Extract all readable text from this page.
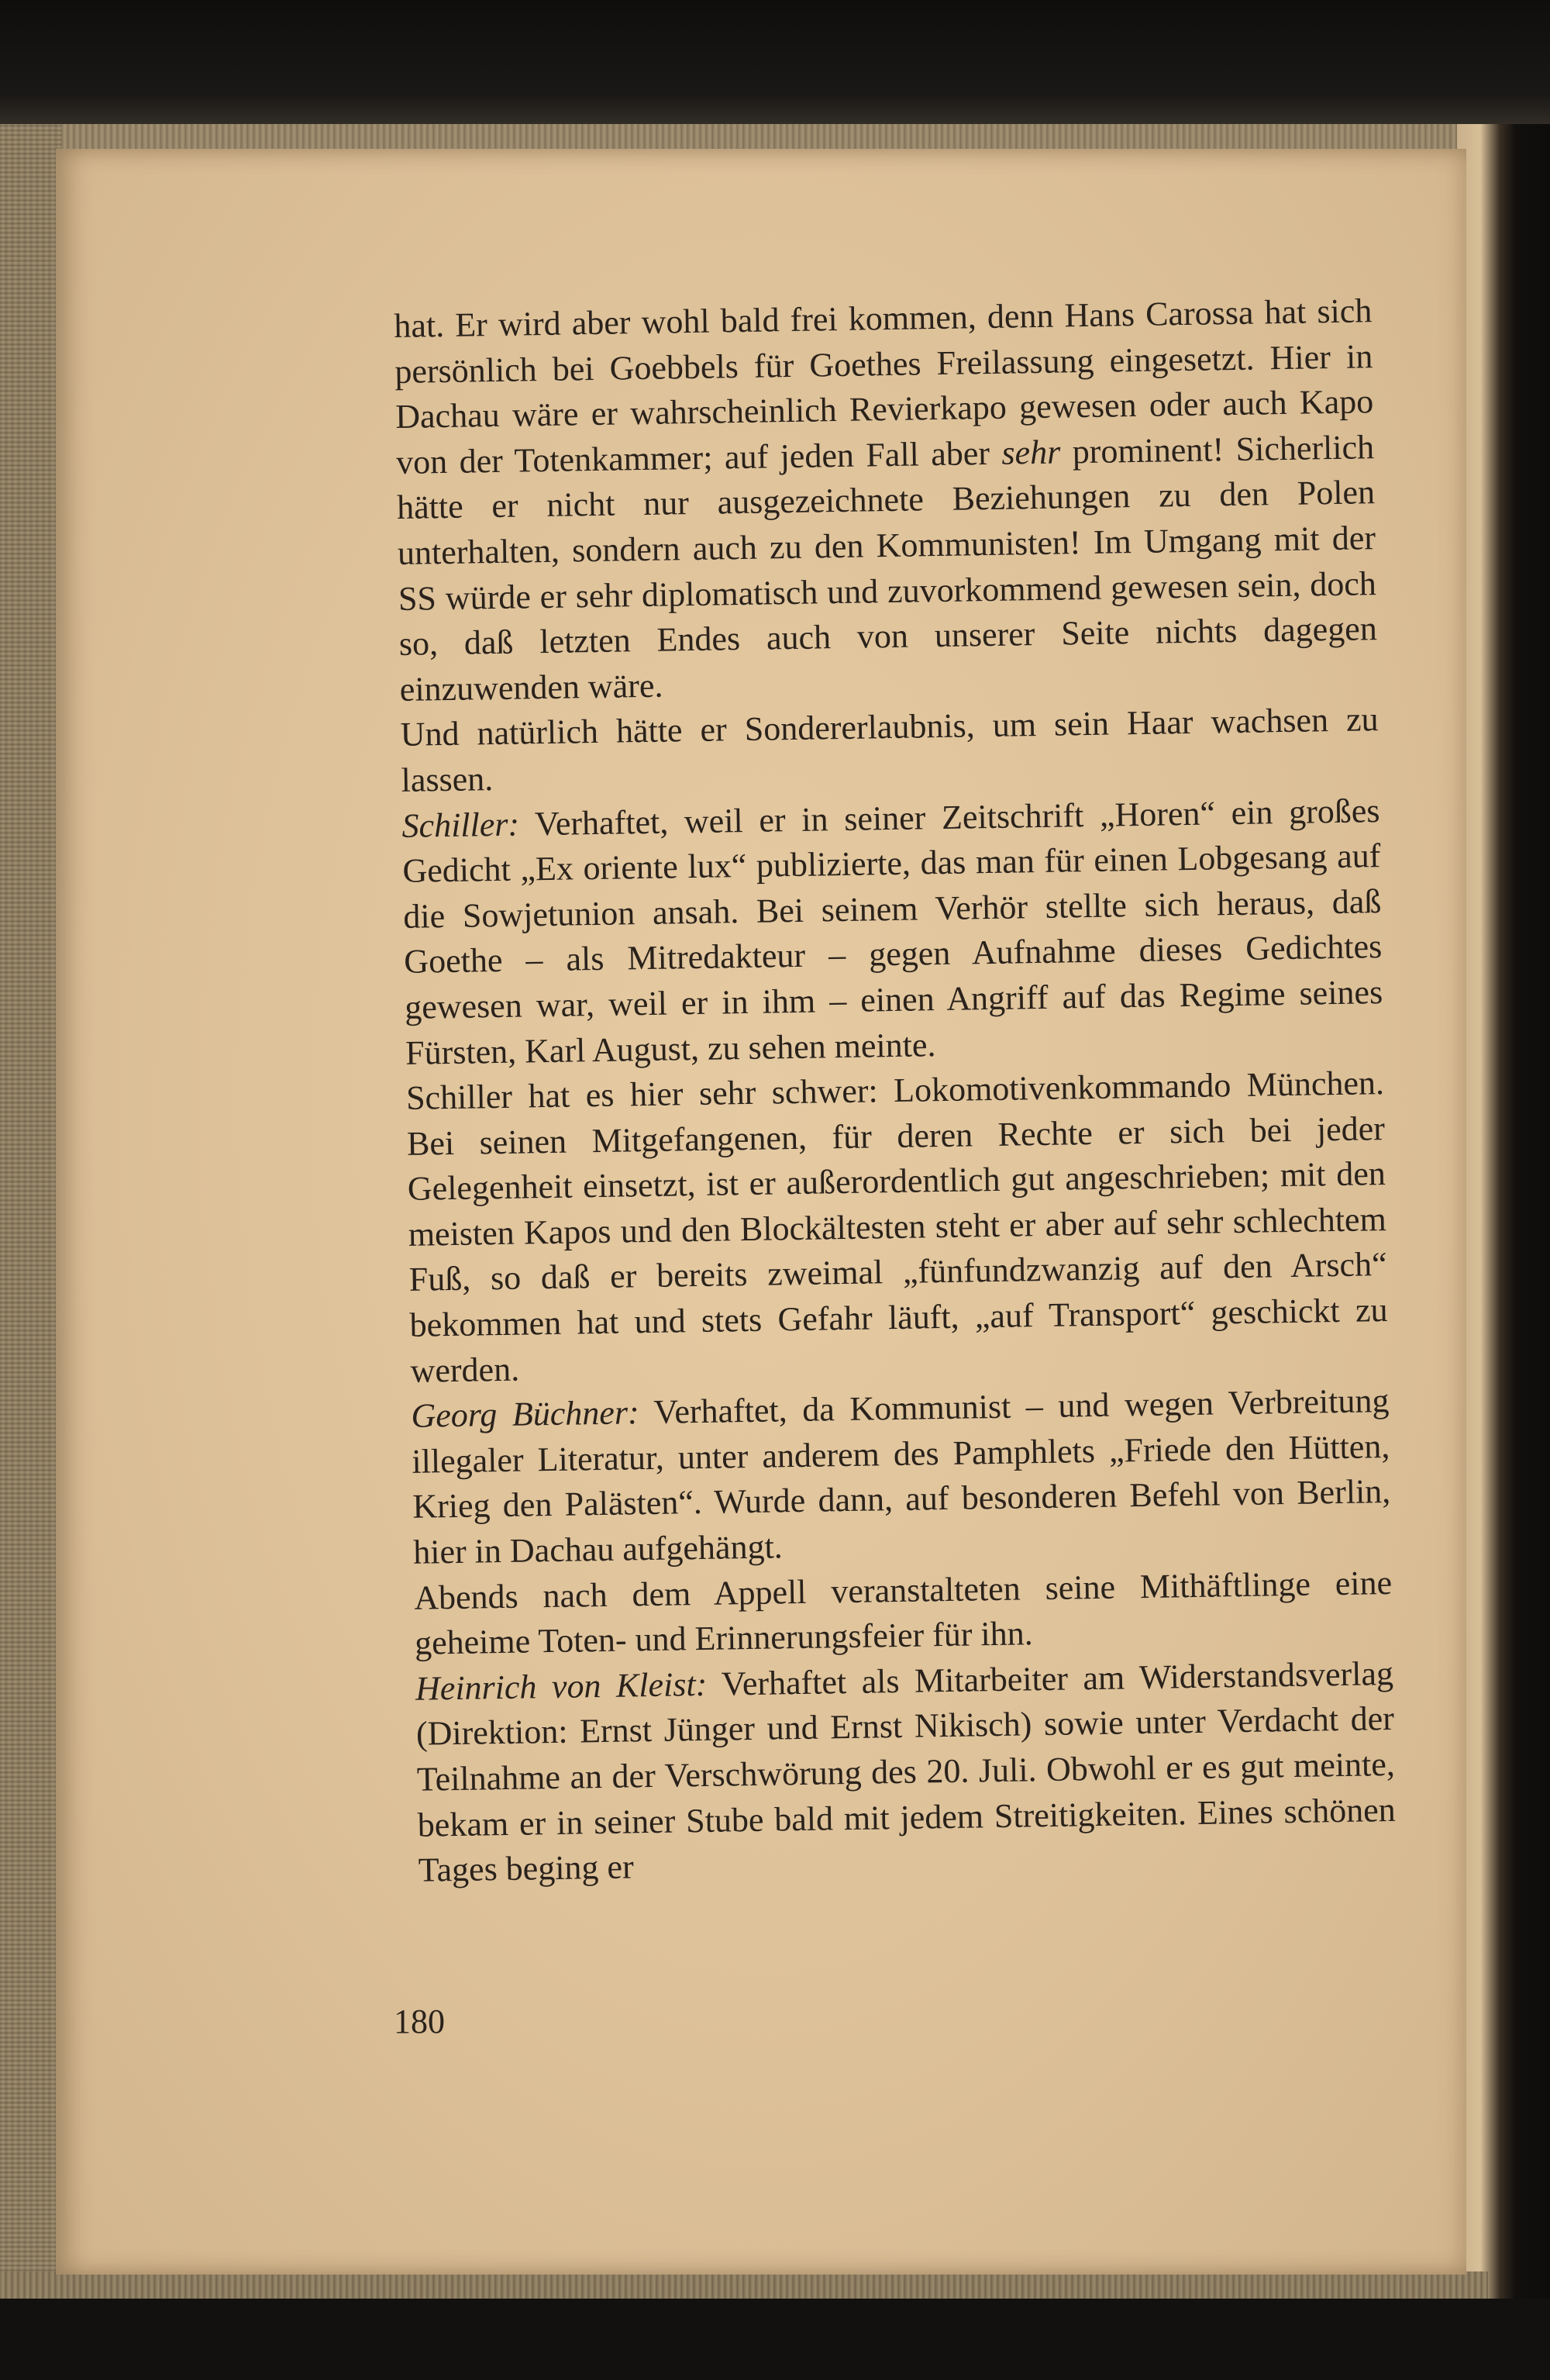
hat. Er wird aber wohl bald frei kommen, denn Hans Carossa hat sich persönlich bei Goebbels für Goethes Freilassung eingesetzt. Hier in Dachau wäre er wahrscheinlich Revierkapo gewesen oder auch Kapo von der Totenkammer; auf jeden Fall aber sehr prominent! Sicherlich hätte er nicht nur ausgezeichnete Beziehungen zu den Polen unterhalten, sondern auch zu den Kommunisten! Im Umgang mit der SS würde er sehr diplomatisch und zuvorkommend gewesen sein, doch so, daß letzten Endes auch von unserer Seite nichts dagegen einzuwenden wäre.

Und natürlich hätte er Sondererlaubnis, um sein Haar wachsen zu lassen.

Schiller: Verhaftet, weil er in seiner Zeitschrift „Horen“ ein großes Gedicht „Ex oriente lux“ publizierte, das man für einen Lobgesang auf die Sowjetunion ansah. Bei seinem Verhör stellte sich heraus, daß Goethe – als Mitredakteur – gegen Aufnahme dieses Gedichtes gewesen war, weil er in ihm – einen Angriff auf das Regime seines Fürsten, Karl August, zu sehen meinte.

Schiller hat es hier sehr schwer: Lokomotivenkommando München. Bei seinen Mitgefangenen, für deren Rechte er sich bei jeder Gelegenheit einsetzt, ist er außerordentlich gut angeschrieben; mit den meisten Kapos und den Blockältesten steht er aber auf sehr schlechtem Fuß, so daß er bereits zweimal „fünfundzwanzig auf den Arsch“ bekommen hat und stets Gefahr läuft, „auf Transport“ geschickt zu werden.

Georg Büchner: Verhaftet, da Kommunist – und wegen Verbreitung illegaler Literatur, unter anderem des Pamphlets „Friede den Hütten, Krieg den Palästen“. Wurde dann, auf besonderen Befehl von Berlin, hier in Dachau aufgehängt.

Abends nach dem Appell veranstalteten seine Mithäftlinge eine geheime Toten- und Erinnerungsfeier für ihn.

Heinrich von Kleist: Verhaftet als Mitarbeiter am Widerstandsverlag (Direktion: Ernst Jünger und Ernst Nikisch) sowie unter Verdacht der Teilnahme an der Verschwörung des 20. Juli. Obwohl er es gut meinte, bekam er in seiner Stube bald mit jedem Streitigkeiten. Eines schönen Tages beging er

180
